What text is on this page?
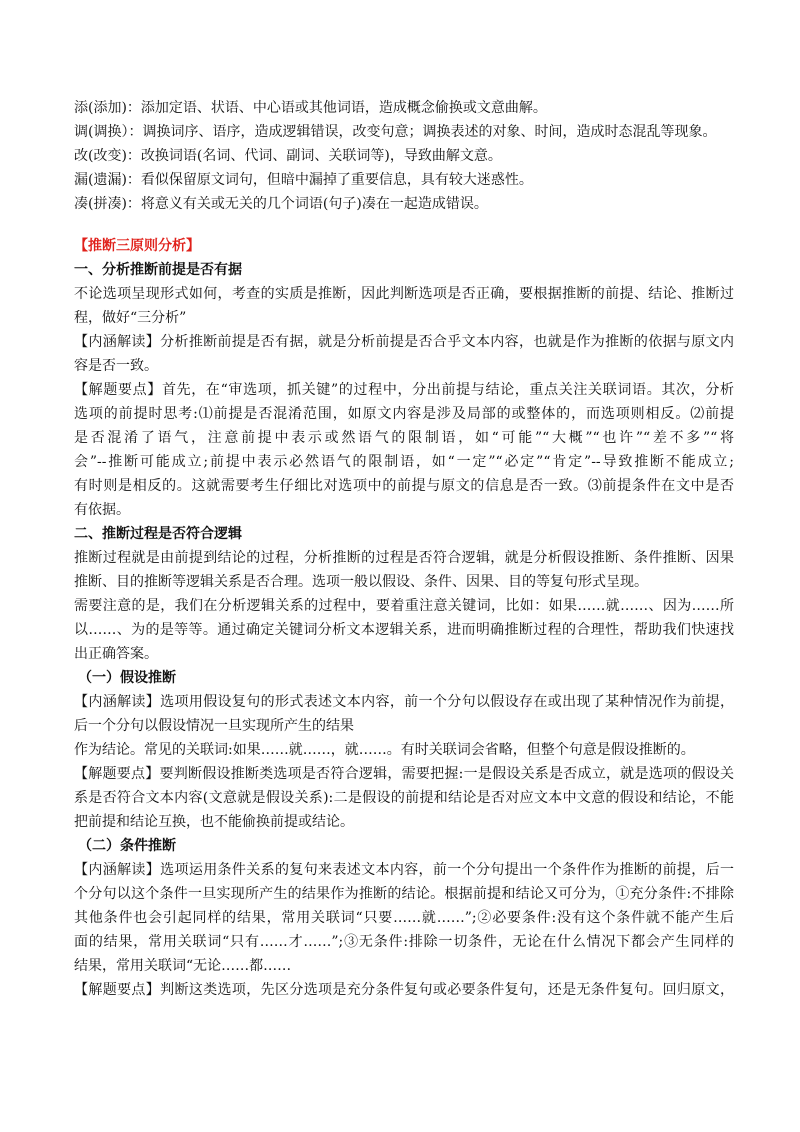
添(添加)：添加定语、状语、中心语或其他词语，造成概念偷换或文意曲解。
调(调换）：调换词序、语序，造成逻辑错误，改变句意；调换表述的对象、时间，造成时态混乱等现象。
改(改变)：改换词语(名词、代词、副词、关联词等)，导致曲解文意。
漏(遗漏)：看似保留原文词句，但暗中漏掉了重要信息，具有较大迷惑性。
凑(拼凑)：将意义有关或无关的几个词语(句子)凑在一起造成错误。
【推断三原则分析】
一、分析推断前提是否有据
不论选项呈现形式如何，考查的实质是推断，因此判断选项是否正确，要根据推断的前提、结论、推断过
程，做好“三分析”
【内涵解读】分析推断前提是否有据，就是分析前提是否合乎文本内容，也就是作为推断的依据与原文内
容是否一致。
【解题要点】首先，在“审选项，抓关键”的过程中，分出前提与结论，重点关注关联词语。其次，分析
选项的前提时思考:⑴前提是否混淆范围，如原文内容是涉及局部的或整体的，而选项则相反。⑵前提
是否混淆了语气，注意前提中表示或然语气的限制语，如“可能”“大概”“也许”“差不多”“将
会”--推断可能成立;前提中表示必然语气的限制语，如“一定”“必定”“肯定”--导致推断不能成立;
有时则是相反的。这就需要考生仔细比对选项中的前提与原文的信息是否一致。⑶前提条件在文中是否
有依据。
二、推断过程是否符合逻辑
推断过程就是由前提到结论的过程，分析推断的过程是否符合逻辑，就是分析假设推断、条件推断、因果
推断、目的推断等逻辑关系是否合理。选项一般以假设、条件、因果、目的等复句形式呈现。
需要注意的是，我们在分析逻辑关系的过程中，要着重注意关键词，比如：如果……就……、因为……所
以……、为的是等等。通过确定关键词分析文本逻辑关系，进而明确推断过程的合理性，帮助我们快速找
出正确答案。
（一）假设推断
【内涵解读】选项用假设复句的形式表述文本内容，前一个分句以假设存在或出现了某种情况作为前提，
后一个分句以假设情况一旦实现所产生的结果
作为结论。常见的关联词:如果……就……，就……。有时关联词会省略，但整个句意是假设推断的。
【解题要点】要判断假设推断类选项是否符合逻辑，需要把握:一是假设关系是否成立，就是选项的假设关
系是否符合文本内容(文意就是假设关系):二是假设的前提和结论是否对应文本中文意的假设和结论，不能
把前提和结论互换，也不能偷换前提或结论。
（二）条件推断
【内涵解读】选项运用条件关系的复句来表述文本内容，前一个分句提出一个条件作为推断的前提，后一
个分句以这个条件一旦实现所产生的结果作为推断的结论。根据前提和结论又可分为，①充分条件:不排除
其他条件也会引起同样的结果，常用关联词“只要……就……”;②必要条件:没有这个条件就不能产生后
面的结果，常用关联词“只有……才……”;③无条件:排除一切条件，无论在什么情况下都会产生同样的
结果，常用关联词“无论……都……
【解题要点】判断这类选项，先区分选项是充分条件复句或必要条件复句，还是无条件复句。回归原文，
